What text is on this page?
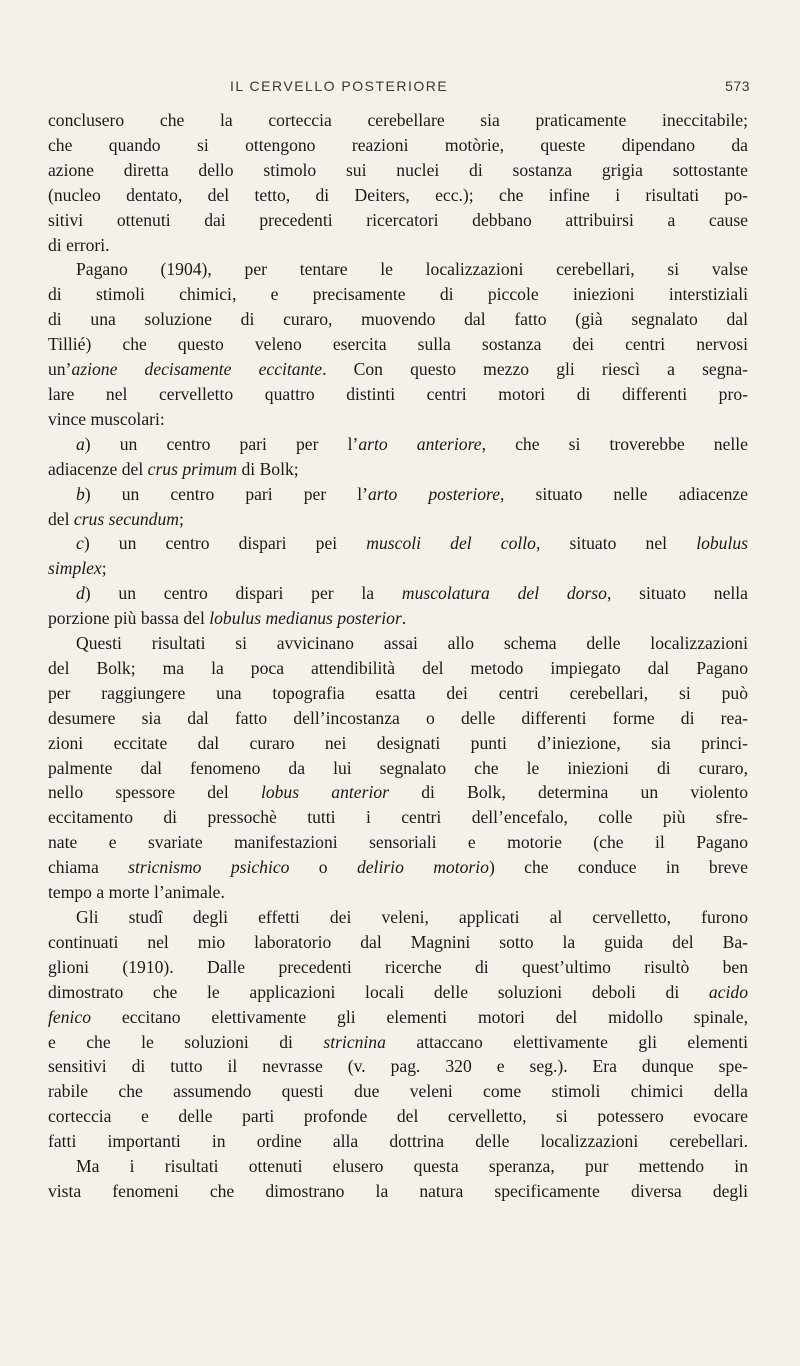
IL CERVELLO POSTERIORE	573
conclusero che la corteccia cerebellare sia praticamente ineccitabile;
che quando si ottengono reazioni motòrie, queste dipendano da
azione diretta dello stimolo sui nuclei di sostanza grigia sottostante
(nucleo dentato, del tetto, di Deiters, ecc.); che infine i risultati po-
sitivi ottenuti dai precedenti ricercatori debbano attribuirsi a cause
di errori.
Pagano (1904), per tentare le localizzazioni cerebellari, si valse
di stimoli chimici, e precisamente di piccole iniezioni interstiziali
di una soluzione di curaro, muovendo dal fatto (già segnalato dal
Tillié) che questo veleno esercita sulla sostanza dei centri nervosi
un’azione decisamente eccitante. Con questo mezzo gli riescì a segna-
lare nel cervelletto quattro distinti centri motori di differenti pro-
vince muscolari:
a) un centro pari per l’arto anteriore, che si troverebbe nelle
adiacenze del crus primum di Bolk;
b) un centro pari per l’arto posteriore, situato nelle adiacenze
del crus secundum;
c) un centro dispari pei muscoli del collo, situato nel lobulus
simplex;
d) un centro dispari per la muscolatura del dorso, situato nella
porzione più bassa del lobulus medianus posterior.
Questi risultati si avvicinano assai allo schema delle localizzazioni
del Bolk; ma la poca attendibilità del metodo impiegato dal Pagano
per raggiungere una topografia esatta dei centri cerebellari, si può
desumere sia dal fatto dell’incostanza o delle differenti forme di rea-
zioni eccitate dal curaro nei designati punti d’iniezione, sia princi-
palmente dal fenomeno da lui segnalato che le iniezioni di curaro,
nello spessore del lobus anterior di Bolk, determina un violento
eccitamento di pressochè tutti i centri dell’encefalo, colle più sfre-
nate e svariate manifestazioni sensoriali e motorie (che il Pagano
chiama stricnismo psichico o delirio motorio) che conduce in breve
tempo a morte l’animale.
Gli studî degli effetti dei veleni, applicati al cervelletto, furono
continuati nel mio laboratorio dal Magnini sotto la guida del Ba-
glioni (1910). Dalle precedenti ricerche di quest’ultimo risultò ben
dimostrato che le applicazioni locali delle soluzioni deboli di acido
fenico eccitano elettivamente gli elementi motori del midollo spinale,
e che le soluzioni di stricnina attaccano elettivamente gli elementi
sensitivi di tutto il nevrasse (v. pag. 320 e seg.). Era dunque spe-
rabile che assumendo questi due veleni come stimoli chimici della
corteccia e delle parti profonde del cervelletto, si potessero evocare
fatti importanti in ordine alla dottrina delle localizzazioni cerebellari.
Ma i risultati ottenuti elusero questa speranza, pur mettendo in
vista fenomeni che dimostrano la natura specificamente diversa degli
